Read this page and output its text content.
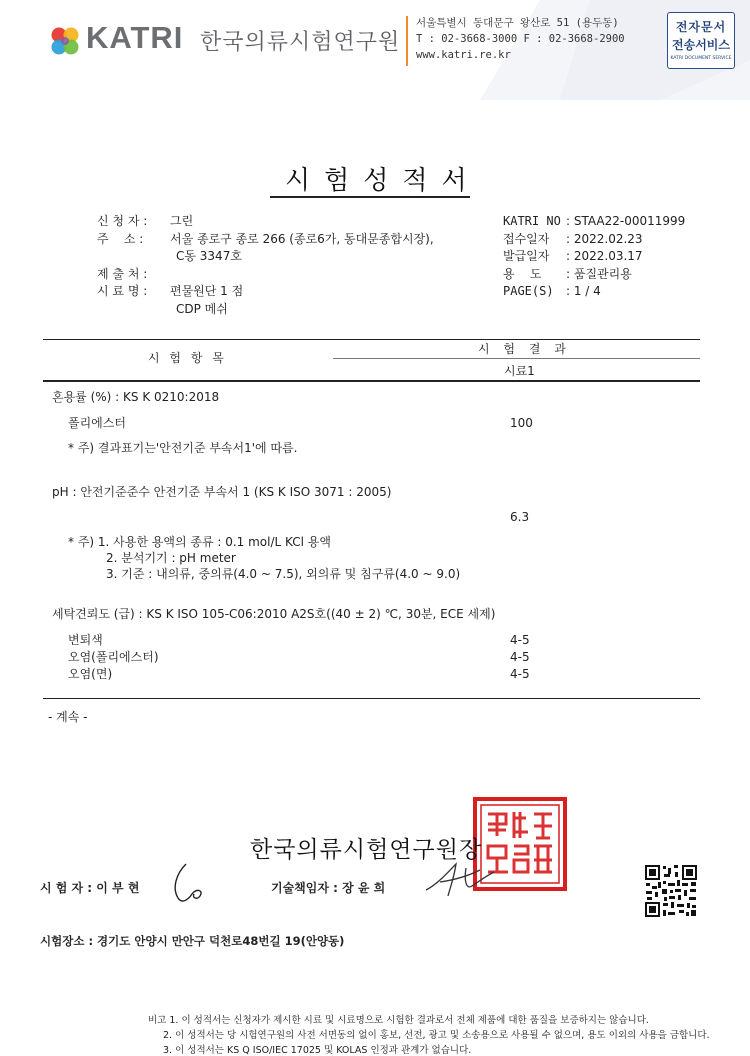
KATRI 한국의류시험연구원
서울특별시 동대문구 왕산로 51 (용두동)
T : 02-3668-3000 F : 02-3668-2900
www.katri.re.kr
전자문서
전송서비스
KATRI DOCUMENT SERVICE
시험성적서
신 청 자 : 그린
주    소 : 서울 종로구 종로 266 (종로6가, 동대문종합시장),
C동 3347호
제 출 처 :
시 료 명 : 편물원단 1 점
CDP 메쉬
KATRI NO : STAA22-00011999
접수일자 : 2022.02.23
발급일자 : 2022.03.17
용    도 : 품질관리용
PAGE(S) : 1 / 4
시 험 항 목
시 험 결 과
시료1
혼용률 (%) : KS K 0210:2018
폴리에스터	100
* 주) 결과표기는'안전기준 부속서1'에 따름.
pH : 안전기준준수 안전기준 부속서 1 (KS K ISO 3071 : 2005)
6.3
* 주) 1. 사용한 용액의 종류 : 0.1 mol/L KCl 용액
2. 분석기기 : pH meter
3. 기준 : 내의류, 중의류(4.0 ~ 7.5), 외의류 및 침구류(4.0 ~ 9.0)
세탁견뢰도 (급) : KS K ISO 105-C06:2010 A2S호((40 ± 2) ℃, 30분, ECE 세제)
변퇴색	4-5
오염(폴리에스터)	4-5
오염(면)	4-5
- 계속 -
한국의류시험연구원장
시 험 자 : 이 부 현	기술책임자 : 장 윤 희
시험장소 : 경기도 안양시 만안구 덕천로48번길 19(안양동)
비고 1. 이 성적서는 신청자가 제시한 시료 및 시료명으로 시험한 결과로서 전체 제품에 대한 품질을 보증하지는 않습니다.
2. 이 성적서는 당 시험연구원의 사전 서면동의 없이 홍보, 선전, 광고 및 소송용으로 사용될 수 없으며, 용도 이외의 사용을 금합니다.
3. 이 성적서는 KS Q ISO/IEC 17025 및 KOLAS 인정과 관계가 없습니다.
